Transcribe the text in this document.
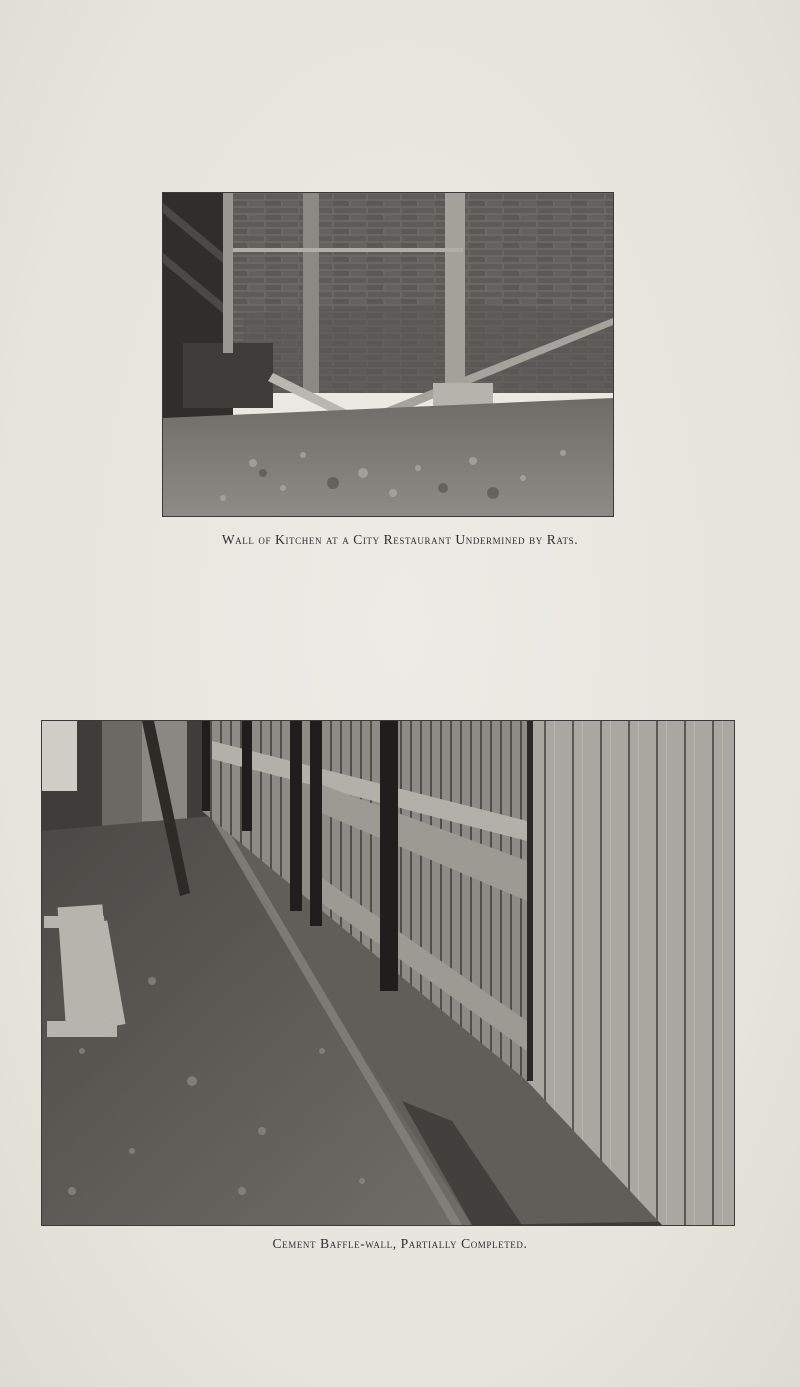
Wall of Kitchen at a City Restaurant Undermined by Rats.
Cement Baffle-wall, Partially Completed.
